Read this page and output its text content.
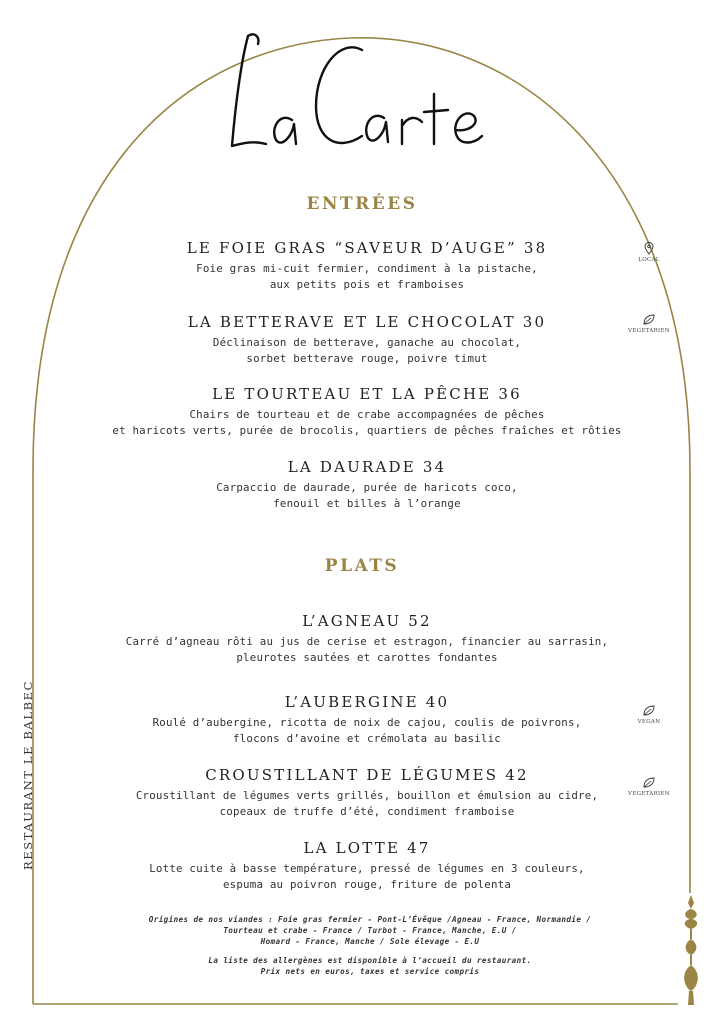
RESTAURANT LE BALBEC
ENTRÉES
LE FOIE GRAS “SAVEUR D’AUGE” 38
Foie gras mi-cuit fermier, condiment à la pistache,
aux petits pois et framboises
LA BETTERAVE ET LE CHOCOLAT 30
Déclinaison de betterave, ganache au chocolat,
sorbet betterave rouge, poivre timut
LE TOURTEAU ET LA PÊCHE 36
Chairs de tourteau et de crabe accompagnées de pêches
et haricots verts, purée de brocolis, quartiers de pêches fraîches et rôties
LA DAURADE 34
Carpaccio de daurade, purée de haricots coco,
fenouil et billes à l’orange
PLATS
L’AGNEAU 52
Carré d’agneau rôti au jus de cerise et estragon, financier au sarrasin,
pleurotes sautées et carottes fondantes
L’AUBERGINE 40
Roulé d’aubergine, ricotta de noix de cajou, coulis de poivrons,
flocons d’avoine et crémolata au basilic
CROUSTILLANT DE LÉGUMES 42
Croustillant de légumes verts grillés, bouillon et émulsion au cidre,
copeaux de truffe d’été, condiment framboise
LA LOTTE 47
Lotte cuite à basse température, pressé de légumes en 3 couleurs,
espuma au poivron rouge, friture de polenta
LOCAL
VEGETARIEN
VEGAN
VEGETARIEN
Origines de nos viandes : Foie gras fermier - Pont-L’Évêque /Agneau - France, Normandie /
Tourteau et crabe - France / Turbot - France, Manche, E.U /
Homard - France, Manche / Sole élevage - E.U
La liste des allergènes est disponible à l’accueil du restaurant.
Prix nets en euros, taxes et service compris
